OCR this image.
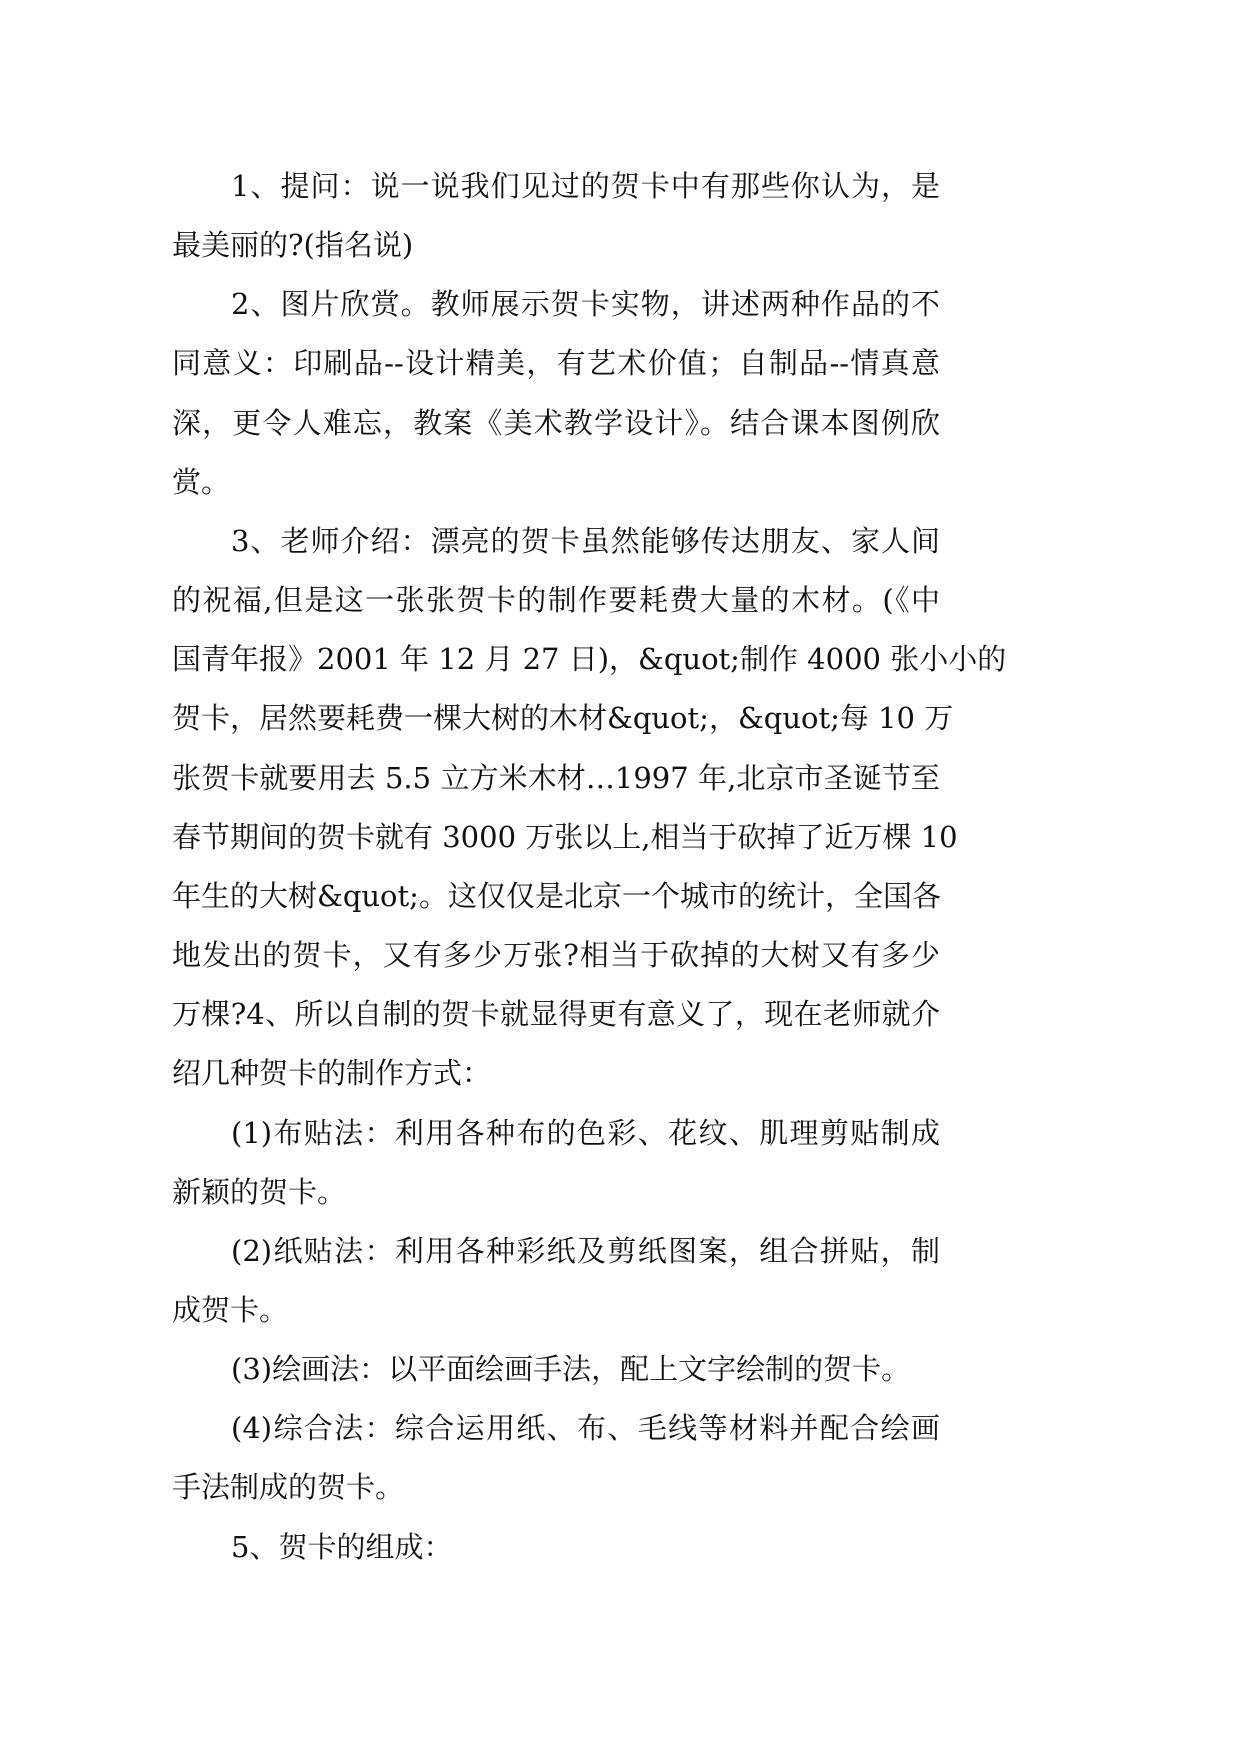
1、提问：说一说我们见过的贺卡中有那些你认为，是
最美丽的?(指名说)
2、图片欣赏。教师展示贺卡实物，讲述两种作品的不
同意义：印刷品--设计精美，有艺术价值；自制品--情真意
深，更令人难忘，教案《美术教学设计》。结合课本图例欣
赏。
3、老师介绍：漂亮的贺卡虽然能够传达朋友、家人间
的祝福,但是这一张张贺卡的制作要耗费大量的木材。(《中
国青年报》2001 年 12 月 27 日)，&quot;制作 4000 张小小的
贺卡，居然要耗费一棵大树的木材&quot;，&quot;每 10 万
张贺卡就要用去 5.5 立方米木材…1997 年,北京市圣诞节至
春节期间的贺卡就有 3000 万张以上,相当于砍掉了近万棵 10
年生的大树&quot;。这仅仅是北京一个城市的统计，全国各
地发出的贺卡，又有多少万张?相当于砍掉的大树又有多少
万棵?4、所以自制的贺卡就显得更有意义了，现在老师就介
绍几种贺卡的制作方式：
(1)布贴法：利用各种布的色彩、花纹、肌理剪贴制成
新颖的贺卡。
(2)纸贴法：利用各种彩纸及剪纸图案，组合拼贴，制
成贺卡。
(3)绘画法：以平面绘画手法，配上文字绘制的贺卡。
(4)综合法：综合运用纸、布、毛线等材料并配合绘画
手法制成的贺卡。
5、贺卡的组成：
